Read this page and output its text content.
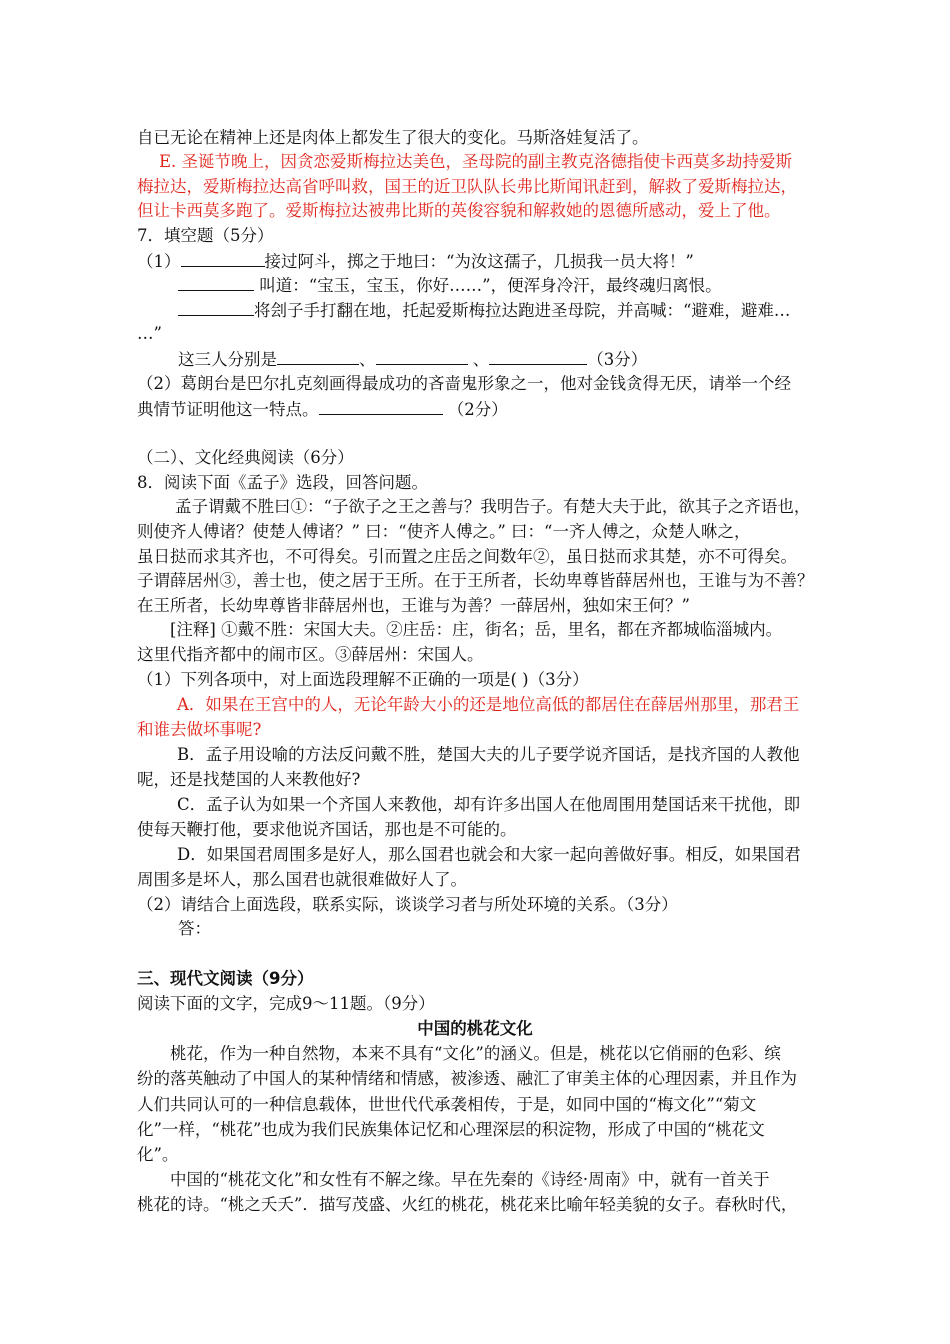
自已无论在精神上还是肉体上都发生了很大的变化。马斯洛娃复活了。
E. 圣诞节晚上，因贪恋爱斯梅拉达美色，圣母院的副主教克洛德指使卡西莫多劫持爱斯
梅拉达，爱斯梅拉达高省呼叫救，国王的近卫队队长弗比斯闻讯赶到，解救了爱斯梅拉达，
但让卡西莫多跑了。爱斯梅拉达被弗比斯的英俊容貌和解救她的恩德所感动，爱上了他。
7．填空题（5分）
（1）	接过阿斗，掷之于地曰：“为汝这孺子，几损我一员大将！”
叫道：“宝玉，宝玉，你好……”，便浑身冷汗，最终魂归离恨。
将刽子手打翻在地，托起爱斯梅拉达跑进圣母院，并高喊：“避难，避难…
…”
这三人分别是	、	、	（3分）
（2）葛朗台是巴尔扎克刻画得最成功的吝啬鬼形象之一，他对金钱贪得无厌，请举一个经
典情节证明他这一特点。	（2分）
（二）、文化经典阅读（6分）
8．阅读下面《孟子》选段，回答问题。
孟子谓戴不胜曰①：“子欲子之王之善与？我明告子。有楚大夫于此，欲其子之齐语也，
则使齐人傅诸？使楚人傅诸？” 曰：“使齐人傅之。” 曰：“一齐人傅之，众楚人咻之，
虽日挞而求其齐也，不可得矣。引而置之庄岳之间数年②，虽日挞而求其楚，亦不可得矣。
子谓薛居州③，善士也，使之居于王所。在于王所者，长幼卑尊皆薛居州也，王谁与为不善？
在王所者，长幼卑尊皆非薛居州也，王谁与为善？一薛居州，独如宋王何？”
[注释] ①戴不胜：宋国大夫。②庄岳：庄，街名；岳，里名，都在齐都城临淄城内。
这里代指齐都中的闹市区。③薛居州：宋国人。
（1）下列各项中，对上面选段理解不正确的一项是( )（3分）
A．如果在王宫中的人，无论年龄大小的还是地位高低的都居住在薛居州那里，那君王
和谁去做坏事呢?
B．孟子用设喻的方法反问戴不胜，楚国大夫的儿子要学说齐国话，是找齐国的人教他
呢，还是找楚国的人来教他好?
C．孟子认为如果一个齐国人来教他，却有许多出国人在他周围用楚国话来干扰他，即
使每天鞭打他，要求他说齐国话，那也是不可能的。
D．如果国君周围多是好人，那么国君也就会和大家一起向善做好事。相反，如果国君
周围多是坏人，那么国君也就很难做好人了。
（2）请结合上面选段，联系实际，谈谈学习者与所处环境的关系。（3分）
答：
三、现代文阅读（9分）
阅读下面的文字，完成9～11题。（9分）
中国的桃花文化
桃花，作为一种自然物，本来不具有“文化”的涵义。但是，桃花以它俏丽的色彩、缤
纷的落英触动了中国人的某种情绪和情感，被渗透、融汇了审美主体的心理因素，并且作为
人们共同认可的一种信息载体，世世代代承袭相传，于是，如同中国的“梅文化”“菊文
化”一样，“桃花”也成为我们民族集体记忆和心理深层的积淀物，形成了中国的“桃花文
化”。
中国的“桃花文化”和女性有不解之缘。早在先秦的《诗经·周南》中，就有一首关于
桃花的诗。“桃之夭夭”．描写茂盛、火红的桃花，桃花来比喻年轻美貌的女子。春秋时代，
